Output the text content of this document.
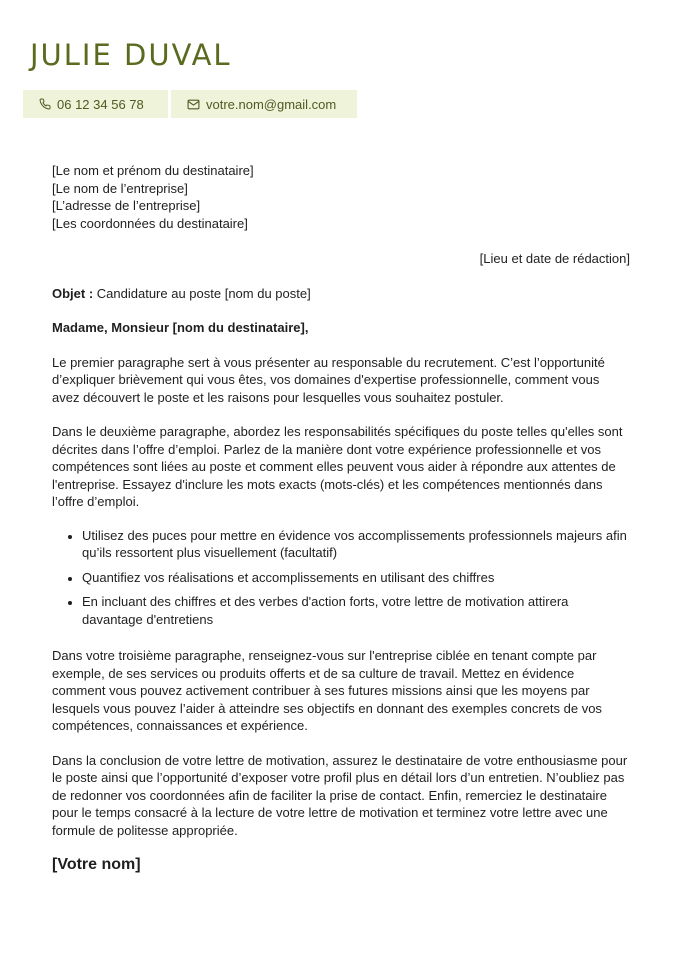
JULIE DUVAL
06 12 34 56 78	votre.nom@gmail.com

[Le nom et prénom du destinataire]

[Le nom de l’entreprise]

[L’adresse de l’entreprise]

[Les coordonnées du destinataire]

[Lieu et date de rédaction]

Objet : Candidature au poste [nom du poste]

Madame, Monsieur [nom du destinataire],

Le premier paragraphe sert à vous présenter au responsable du recrutement. C’est l’opportunité d’expliquer brièvement qui vous êtes, vos domaines d'expertise professionnelle, comment vous avez découvert le poste et les raisons pour lesquelles vous souhaitez postuler.

Dans le deuxième paragraphe, abordez les responsabilités spécifiques du poste telles qu'elles sont décrites dans l’offre d’emploi. Parlez de la manière dont votre expérience professionnelle et vos compétences sont liées au poste et comment elles peuvent vous aider à répondre aux attentes de l'entreprise. Essayez d'inclure les mots exacts (mots-clés) et les compétences mentionnés dans l’offre d’emploi.

• Utilisez des puces pour mettre en évidence vos accomplissements professionnels majeurs afin qu’ils ressortent plus visuellement (facultatif)
• Quantifiez vos réalisations et accomplissements en utilisant des chiffres
• En incluant des chiffres et des verbes d'action forts, votre lettre de motivation attirera davantage d'entretiens

Dans votre troisième paragraphe, renseignez-vous sur l'entreprise ciblée en tenant compte par exemple, de ses services ou produits offerts et de sa culture de travail. Mettez en évidence comment vous pouvez activement contribuer à ses futures missions ainsi que les moyens par lesquels vous pouvez l’aider à atteindre ses objectifs en donnant des exemples concrets de vos compétences, connaissances et expérience.

Dans la conclusion de votre lettre de motivation, assurez le destinataire de votre enthousiasme pour le poste ainsi que l’opportunité d’exposer votre profil plus en détail lors d’un entretien. N’oubliez pas de redonner vos coordonnées afin de faciliter la prise de contact. Enfin, remerciez le destinataire pour le temps consacré à la lecture de votre lettre de motivation et terminez votre lettre avec une formule de politesse appropriée.

[Votre nom]
